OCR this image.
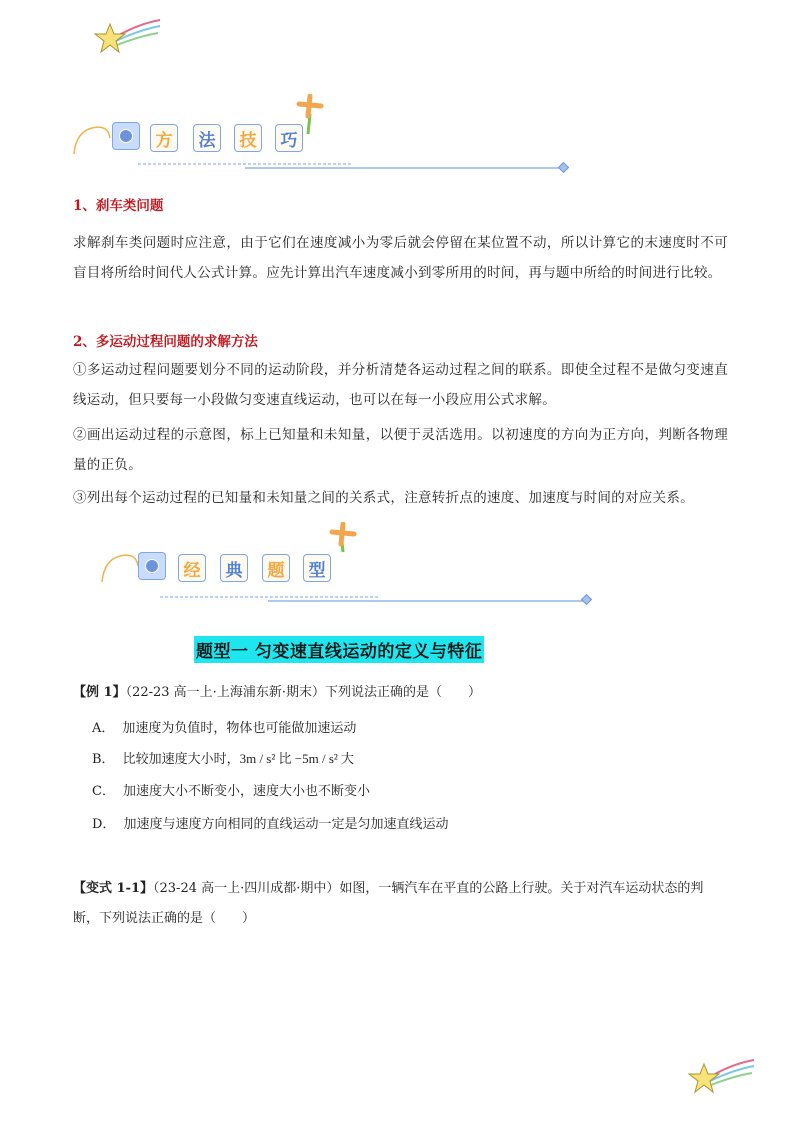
方	法	技	巧
1、刹车类问题
求解刹车类问题时应注意，由于它们在速度减小为零后就会停留在某位置不动，所以计算它的末速度时不可盲目将所给时间代人公式计算。应先计算出汽车速度减小到零所用的时间，再与题中所给的时间进行比较。
2、多运动过程问题的求解方法
①多运动过程问题要划分不同的运动阶段，并分析清楚各运动过程之间的联系。即使全过程不是做匀变速直线运动，但只要每一小段做匀变速直线运动，也可以在每一小段应用公式求解。
②画出运动过程的示意图，标上已知量和未知量，以便于灵活选用。以初速度的方向为正方向，判断各物理量的正负。
③列出每个运动过程的已知量和未知量之间的关系式，注意转折点的速度、加速度与时间的对应关系。
经	典	题	型
题型一 匀变速直线运动的定义与特征
【例 1】（22-23 高一上·上海浦东新·期末）下列说法正确的是（　　）
A． 加速度为负值时，物体也可能做加速运动
B． 比较加速度大小时，3m / s² 比 −5m / s² 大
C． 加速度大小不断变小，速度大小也不断变小
D． 加速度与速度方向相同的直线运动一定是匀加速直线运动
【变式 1-1】（23-24 高一上·四川成都·期中）如图，一辆汽车在平直的公路上行驶。关于对汽车运动状态的判断，下列说法正确的是（　　）
